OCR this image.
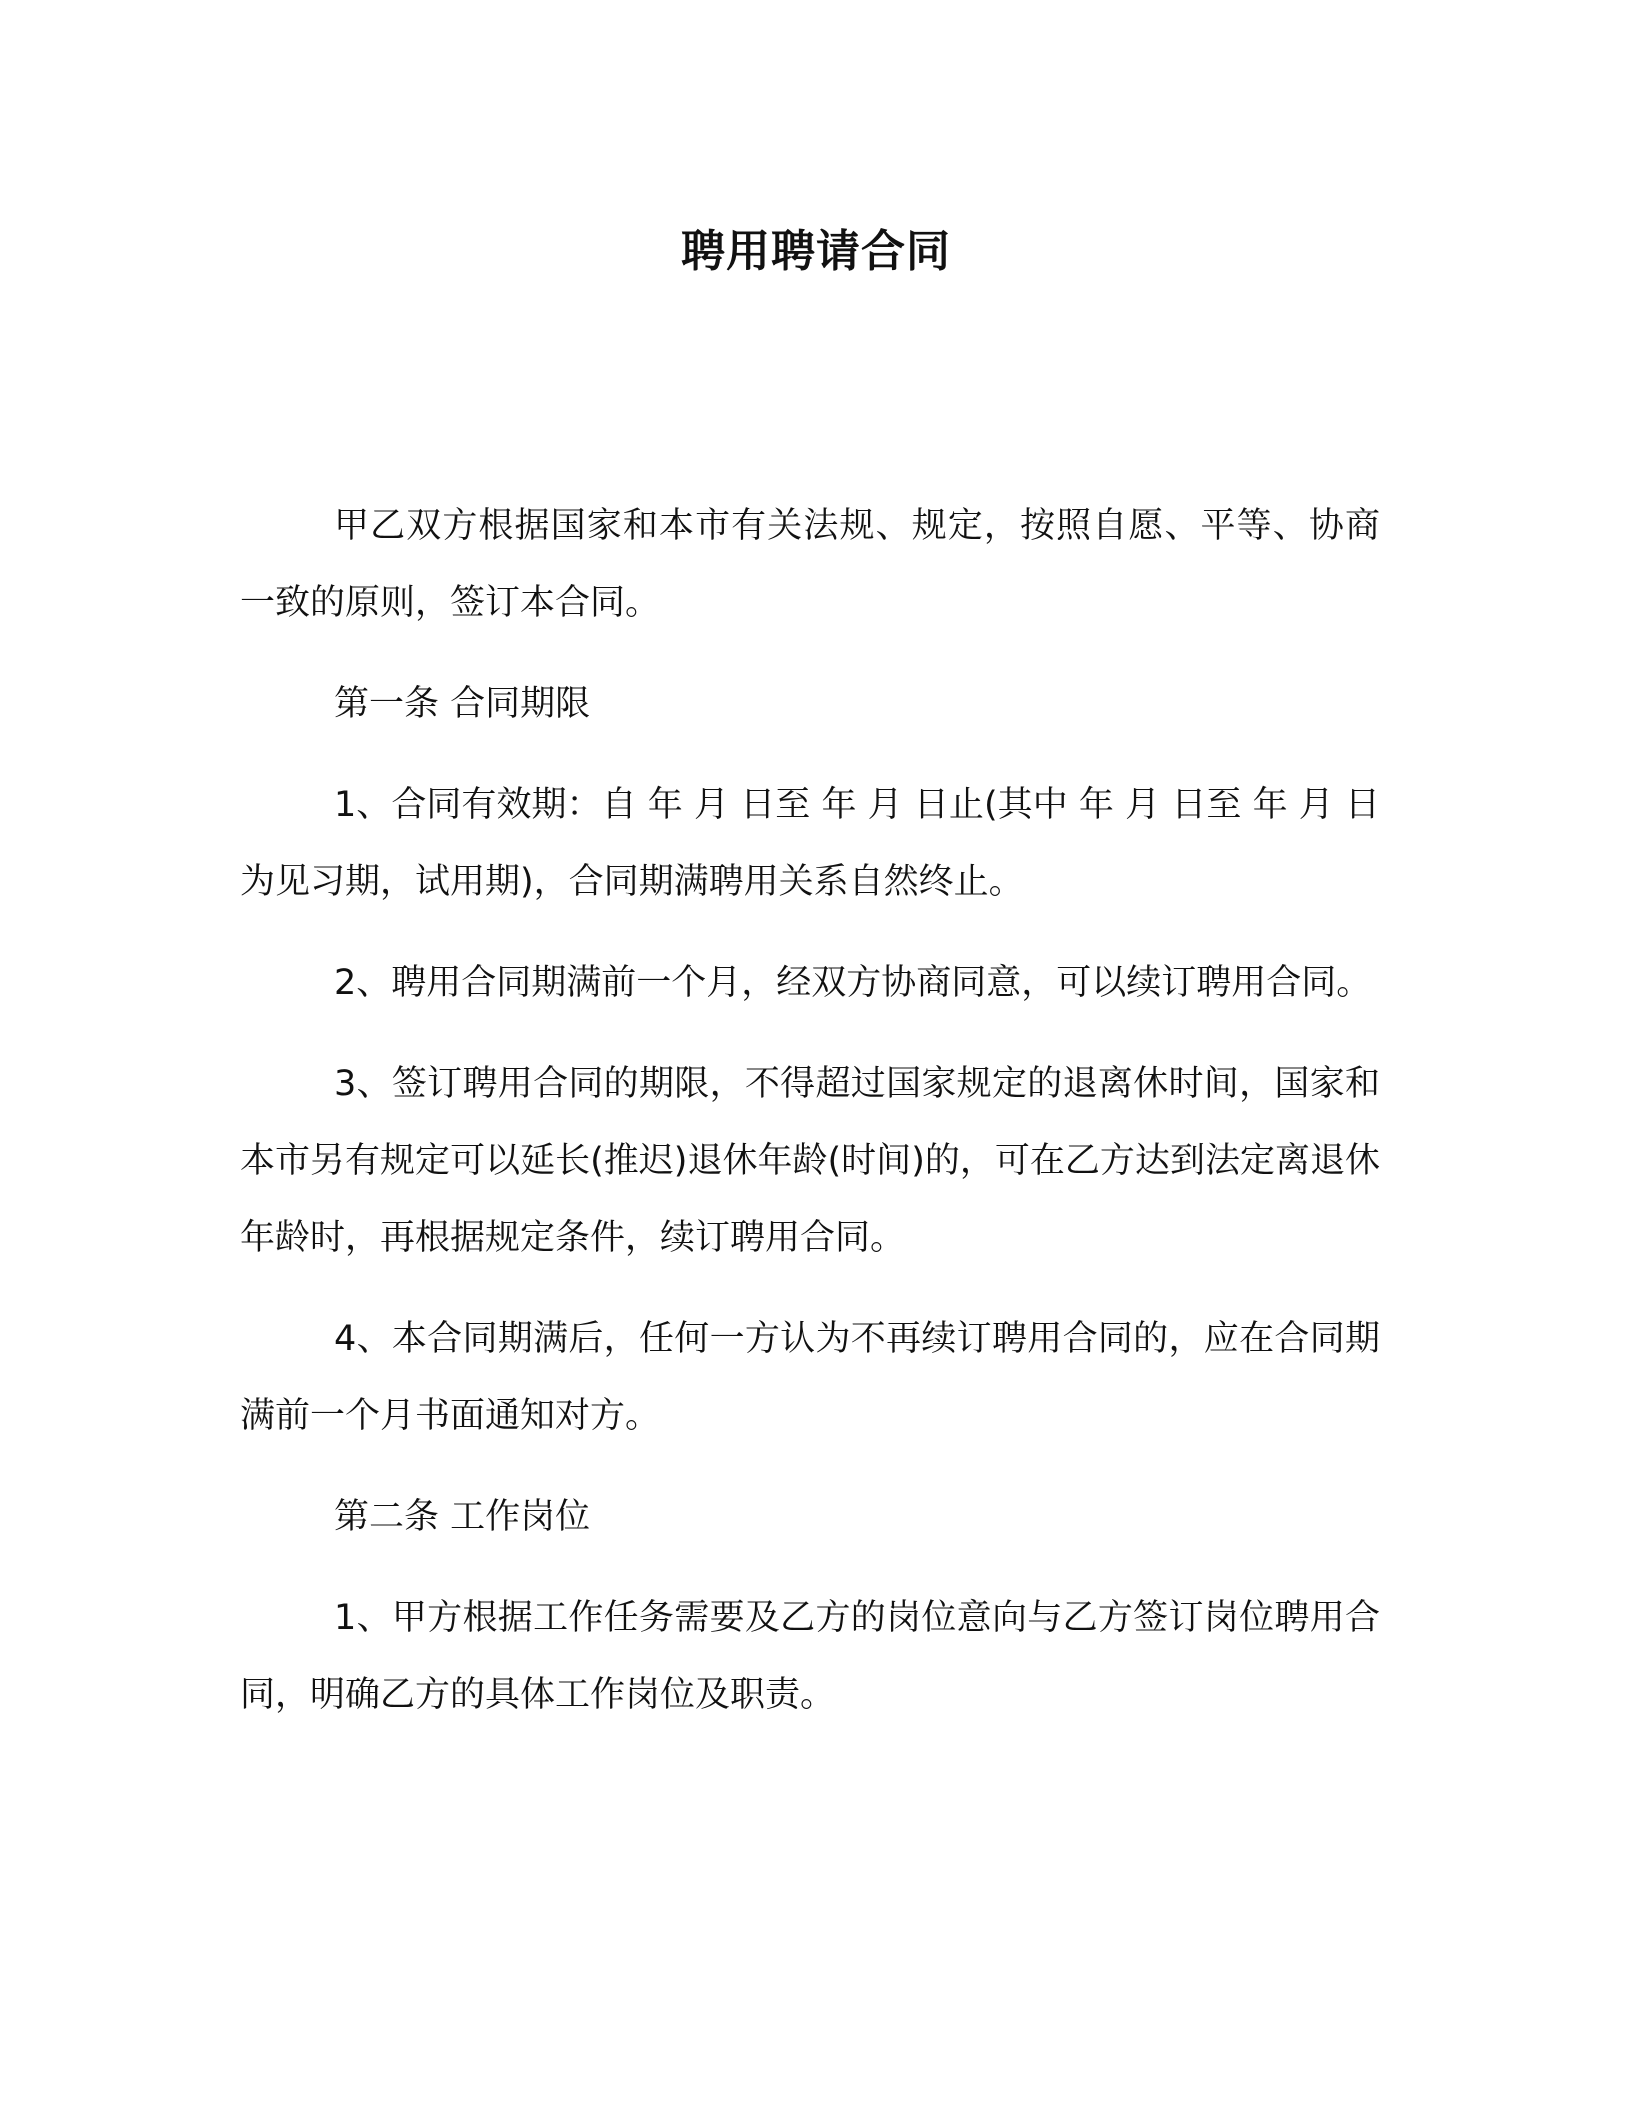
聘用聘请合同

甲乙双方根据国家和本市有关法规、规定，按照自愿、平等、协商一致的原则，签订本合同。

第一条 合同期限

1、合同有效期：自 年 月 日至 年 月 日止(其中 年 月 日至 年 月 日为见习期，试用期)，合同期满聘用关系自然终止。

2、聘用合同期满前一个月，经双方协商同意，可以续订聘用合同。

3、签订聘用合同的期限，不得超过国家规定的退离休时间，国家和本市另有规定可以延长(推迟)退休年龄(时间)的，可在乙方达到法定离退休年龄时，再根据规定条件，续订聘用合同。

4、本合同期满后，任何一方认为不再续订聘用合同的，应在合同期满前一个月书面通知对方。

第二条 工作岗位

1、甲方根据工作任务需要及乙方的岗位意向与乙方签订岗位聘用合同，明确乙方的具体工作岗位及职责。
